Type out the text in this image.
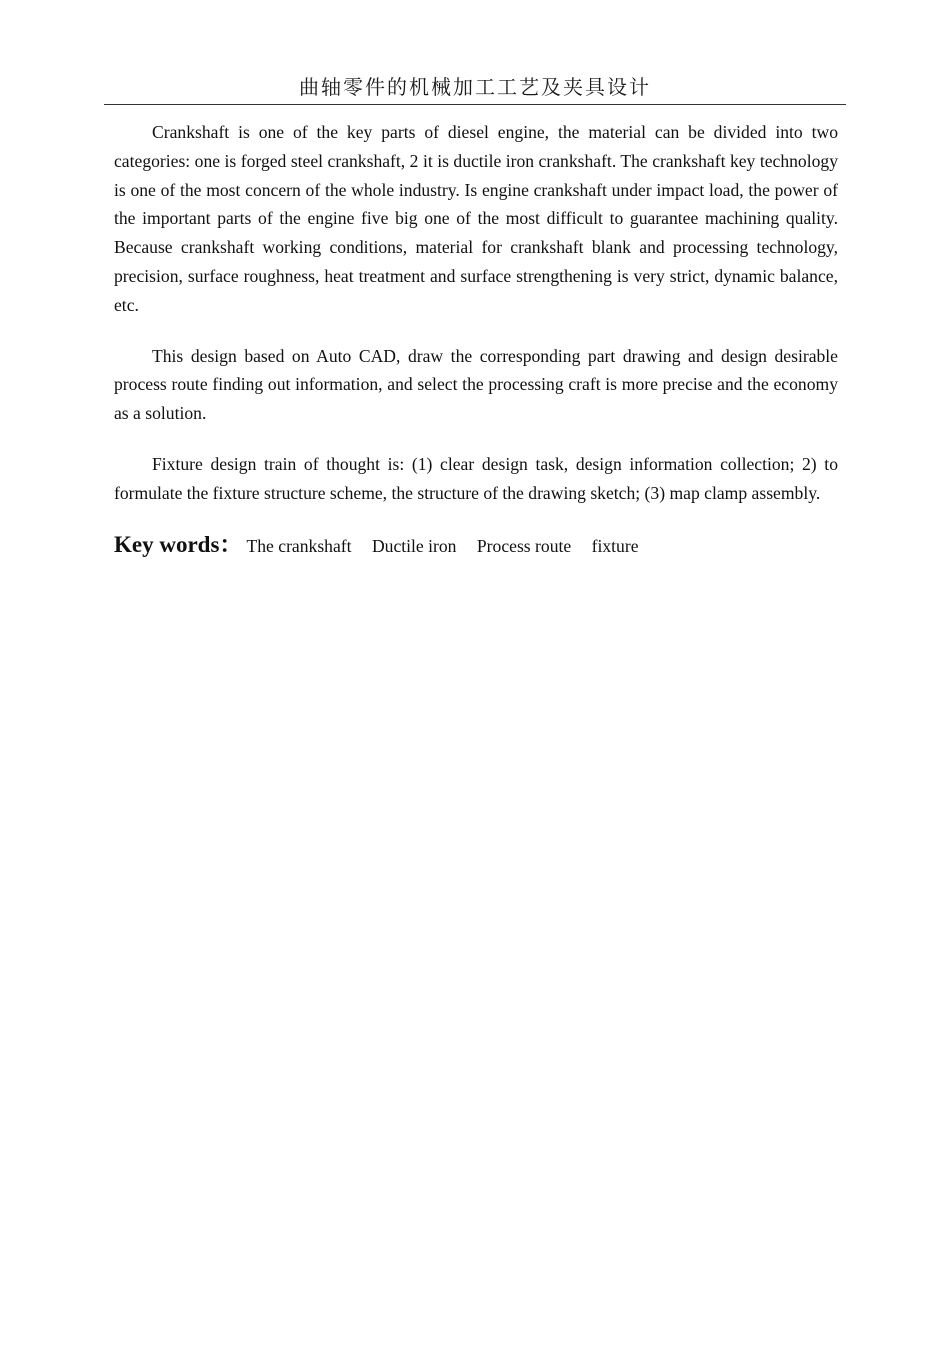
曲轴零件的机械加工工艺及夹具设计

Crankshaft is one of the key parts of diesel engine, the material can be divided into two categories: one is forged steel crankshaft, 2 it is ductile iron crankshaft. The crankshaft key technology is one of the most concern of the whole industry. Is engine crankshaft under impact load, the power of the important parts of the engine five big one of the most difficult to guarantee machining quality. Because crankshaft working conditions, material for crankshaft blank and processing technology, precision, surface roughness, heat treatment and surface strengthening is very strict, dynamic balance, etc.

This design based on Auto CAD, draw the corresponding part drawing and design desirable process route finding out information, and select the processing craft is more precise and the economy as a solution.

Fixture design train of thought is: (1) clear design task, design information collection; 2) to formulate the fixture structure scheme, the structure of the drawing sketch; (3) map clamp assembly.

Key words： The crankshaft Ductile iron Process route fixture
